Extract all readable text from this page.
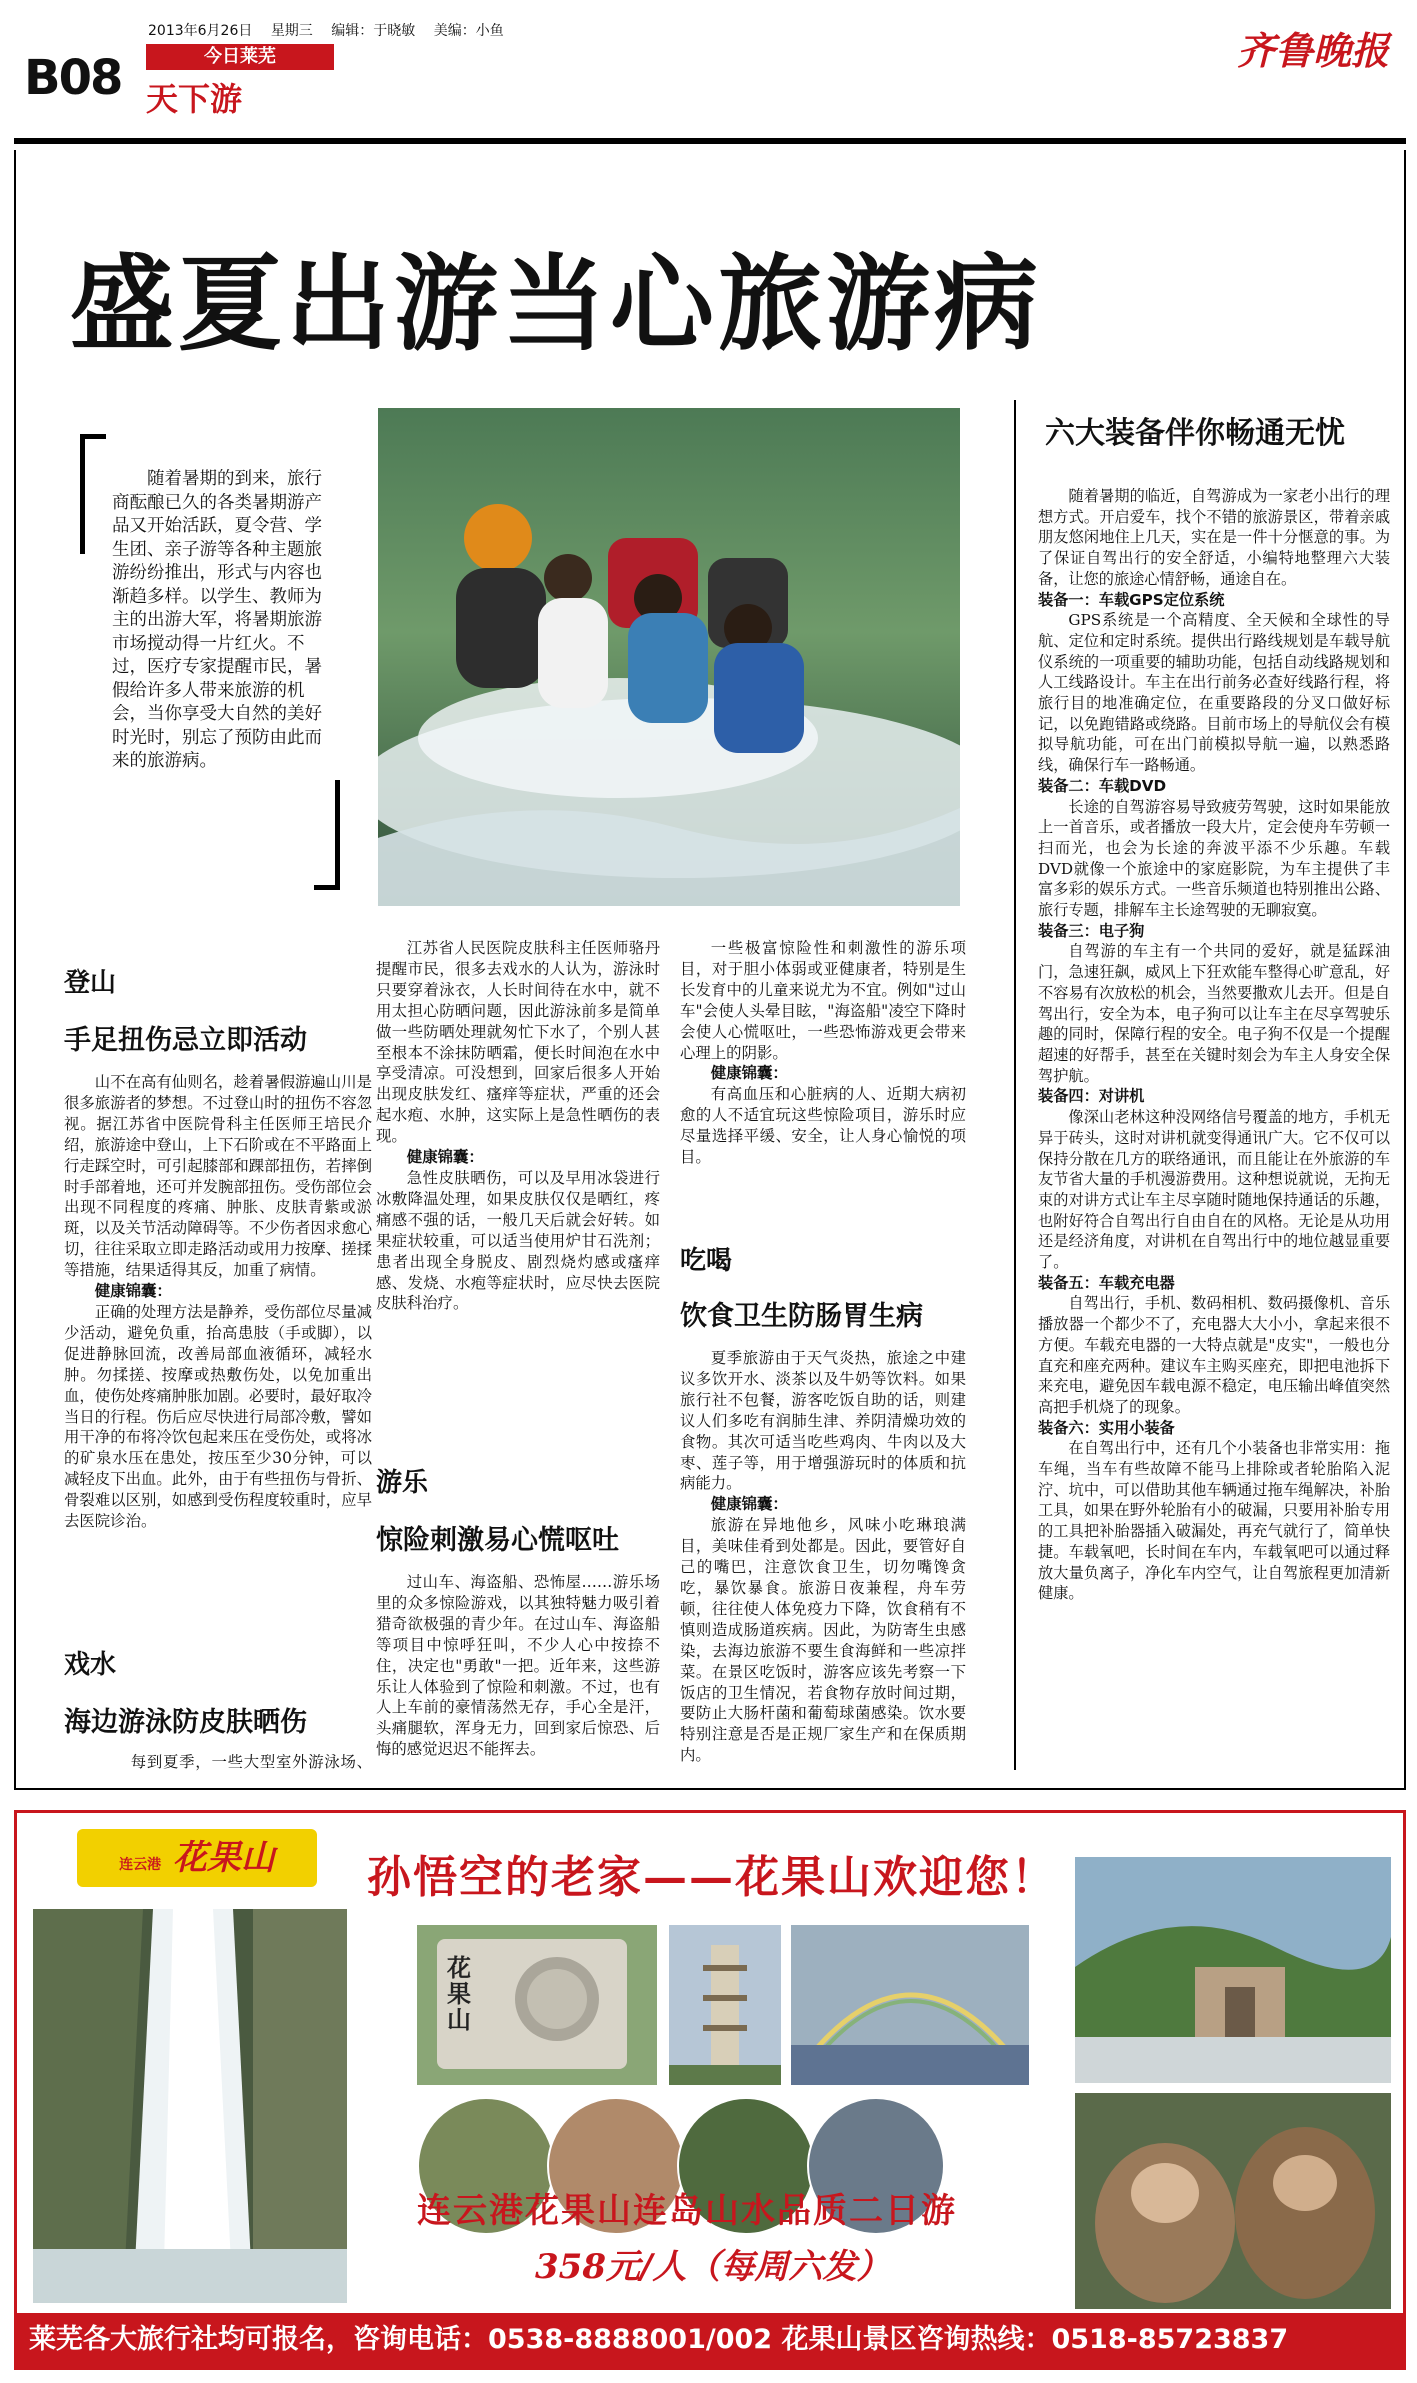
B08
2013年6月26日 星期三 编辑：于晓敏 美编：小鱼
今日莱芜
天下游
齐鲁晚报
盛夏出游当心旅游病

随着暑期的到来，旅行商酝酿已久的各类暑期游产品又开始活跃，夏令营、学生团、亲子游等各种主题旅游纷纷推出，形式与内容也渐趋多样。以学生、教师为主的出游大军，将暑期旅游市场搅动得一片红火。不过，医疗专家提醒市民，暑假给许多人带来旅游的机会，当你享受大自然的美好时光时，别忘了预防由此而来的旅游病。

登山
手足扭伤忌立即活动

山不在高有仙则名，趁着暑假游遍山川是很多旅游者的梦想。不过登山时的扭伤不容忽视。据江苏省中医院骨科主任医师王培民介绍，旅游途中登山，上下石阶或在不平路面上行走踩空时，可引起膝部和踝部扭伤，若摔倒时手部着地，还可并发腕部扭伤。受伤部位会出现不同程度的疼痛、肿胀、皮肤青紫或淤斑，以及关节活动障碍等。不少伤者因求愈心切，往往采取立即走路活动或用力按摩、搓揉等措施，结果适得其反，加重了病情。

健康锦囊：

正确的处理方法是静养，受伤部位尽量减少活动，避免负重，抬高患肢（手或脚），以促进静脉回流，改善局部血液循环，减轻水肿。勿揉搓、按摩或热敷伤处，以免加重出血，使伤处疼痛肿胀加剧。必要时，最好取冷当日的行程。伤后应尽快进行局部冷敷，譬如用干净的布将冷饮包起来压在受伤处，或将冰的矿泉水压在患处，按压至少30分钟，可以减轻皮下出血。此外，由于有些扭伤与骨折、骨裂难以区别，如感到受伤程度较重时，应早去医院诊治。

戏水
海边游泳防皮肤晒伤

每到夏季，一些大型室外游泳场、

江苏省人民医院皮肤科主任医师骆丹提醒市民，很多去戏水的人认为，游泳时只要穿着泳衣，人长时间待在水中，就不用太担心防晒问题，因此游泳前多是简单做一些防晒处理就匆忙下水了，个别人甚至根本不涂抹防晒霜，便长时间泡在水中享受清凉。可没想到，回家后很多人开始出现皮肤发红、瘙痒等症状，严重的还会起水疱、水肿，这实际上是急性晒伤的表现。

健康锦囊：

急性皮肤晒伤，可以及早用冰袋进行冰敷降温处理，如果皮肤仅仅是晒红，疼痛感不强的话，一般几天后就会好转。如果症状较重，可以适当使用炉甘石洗剂；患者出现全身脱皮、剧烈烧灼感或瘙痒感、发烧、水疱等症状时，应尽快去医院皮肤科治疗。

游乐
惊险刺激易心慌呕吐

过山车、海盗船、恐怖屋……游乐场里的众多惊险游戏，以其独特魅力吸引着猎奇欲极强的青少年。在过山车、海盗船等项目中惊呼狂叫，不少人心中按捺不住，决定也"勇敢"一把。近年来，这些游乐让人体验到了惊险和刺激。不过，也有人上车前的豪情荡然无存，手心全是汗，头痛腿软，浑身无力，回到家后惊恐、后悔的感觉迟迟不能挥去。

一些极富惊险性和刺激性的游乐项目，对于胆小体弱或亚健康者，特别是生长发育中的儿童来说尤为不宜。例如"过山车"会使人头晕目眩，"海盗船"凌空下降时会使人心慌呕吐，一些恐怖游戏更会带来心理上的阴影。

健康锦囊：

有高血压和心脏病的人、近期大病初愈的人不适宜玩这些惊险项目，游乐时应尽量选择平缓、安全，让人身心愉悦的项目。

吃喝
饮食卫生防肠胃生病

夏季旅游由于天气炎热，旅途之中建议多饮开水、淡茶以及牛奶等饮料。如果旅行社不包餐，游客吃饭自助的话，则建议人们多吃有润肺生津、养阴清燥功效的食物。其次可适当吃些鸡肉、牛肉以及大枣、莲子等，用于增强游玩时的体质和抗病能力。

健康锦囊：

旅游在异地他乡，风味小吃琳琅满目，美味佳肴到处都是。因此，要管好自己的嘴巴，注意饮食卫生，切勿嘴馋贪吃，暴饮暴食。旅游日夜兼程，舟车劳顿，往往使人体免疫力下降，饮食稍有不慎则造成肠道疾病。因此，为防寄生虫感染，去海边旅游不要生食海鲜和一些凉拌菜。在景区吃饭时，游客应该先考察一下饭店的卫生情况，若食物存放时间过期，要防止大肠杆菌和葡萄球菌感染。饮水要特别注意是否是正规厂家生产和在保质期内。

六大装备伴你畅通无忧

随着暑期的临近，自驾游成为一家老小出行的理想方式。开启爱车，找个不错的旅游景区，带着亲戚朋友悠闲地住上几天，实在是一件十分惬意的事。为了保证自驾出行的安全舒适，小编特地整理六大装备，让您的旅途心情舒畅，通途自在。

装备一：车载GPS定位系统

GPS系统是一个高精度、全天候和全球性的导航、定位和定时系统。提供出行路线规划是车载导航仪系统的一项重要的辅助功能，包括自动线路规划和人工线路设计。车主在出行前务必查好线路行程，将旅行目的地准确定位，在重要路段的分叉口做好标记，以免跑错路或绕路。目前市场上的导航仪会有模拟导航功能，可在出门前模拟导航一遍，以熟悉路线，确保行车一路畅通。

装备二：车载DVD

长途的自驾游容易导致疲劳驾驶，这时如果能放上一首音乐，或者播放一段大片，定会使舟车劳顿一扫而光，也会为长途的奔波平添不少乐趣。车载DVD就像一个旅途中的家庭影院，为车主提供了丰富多彩的娱乐方式。一些音乐频道也特别推出公路、旅行专题，排解车主长途驾驶的无聊寂寞。

装备三：电子狗

自驾游的车主有一个共同的爱好，就是猛踩油门，急速狂飙，威风上下狂欢能车整得心旷意乱，好不容易有次放松的机会，当然要撒欢儿去开。但是自驾出行，安全为本，电子狗可以让车主在尽享驾驶乐趣的同时，保障行程的安全。电子狗不仅是一个提醒超速的好帮手，甚至在关键时刻会为车主人身安全保驾护航。

装备四：对讲机

像深山老林这种没网络信号覆盖的地方，手机无异于砖头，这时对讲机就变得通讯广大。它不仅可以保持分散在几方的联络通讯，而且能让在外旅游的车友节省大量的手机漫游费用。这种想说就说，无拘无束的对讲方式让车主尽享随时随地保持通话的乐趣，也附好符合自驾出行自由自在的风格。无论是从功用还是经济角度，对讲机在自驾出行中的地位越显重要了。

装备五：车载充电器

自驾出行，手机、数码相机、数码摄像机、音乐播放器一个都少不了，充电器大大小小，拿起来很不方便。车载充电器的一大特点就是"皮实"，一般也分直充和座充两种。建议车主购买座充，即把电池拆下来充电，避免因车载电源不稳定，电压输出峰值突然高把手机烧了的现象。

装备六：实用小装备

在自驾出行中，还有几个小装备也非常实用：拖车绳，当车有些故障不能马上排除或者轮胎陷入泥泞、坑中，可以借助其他车辆通过拖车绳解决，补胎工具，如果在野外轮胎有小的破漏，只要用补胎专用的工具把补胎器插入破漏处，再充气就行了，简单快捷。车载氧吧，长时间在车内，车载氧吧可以通过释放大量负离子，净化车内空气，让自驾旅程更加清新健康。

连云港 花果山	孙悟空的老家——花果山欢迎您！
花果山
连云港花果山连岛山水品质二日游
358元/人（每周六发）
莱芜各大旅行社均可报名，咨询电话：0538-8888001/002 花果山景区咨询热线：0518-85723837
